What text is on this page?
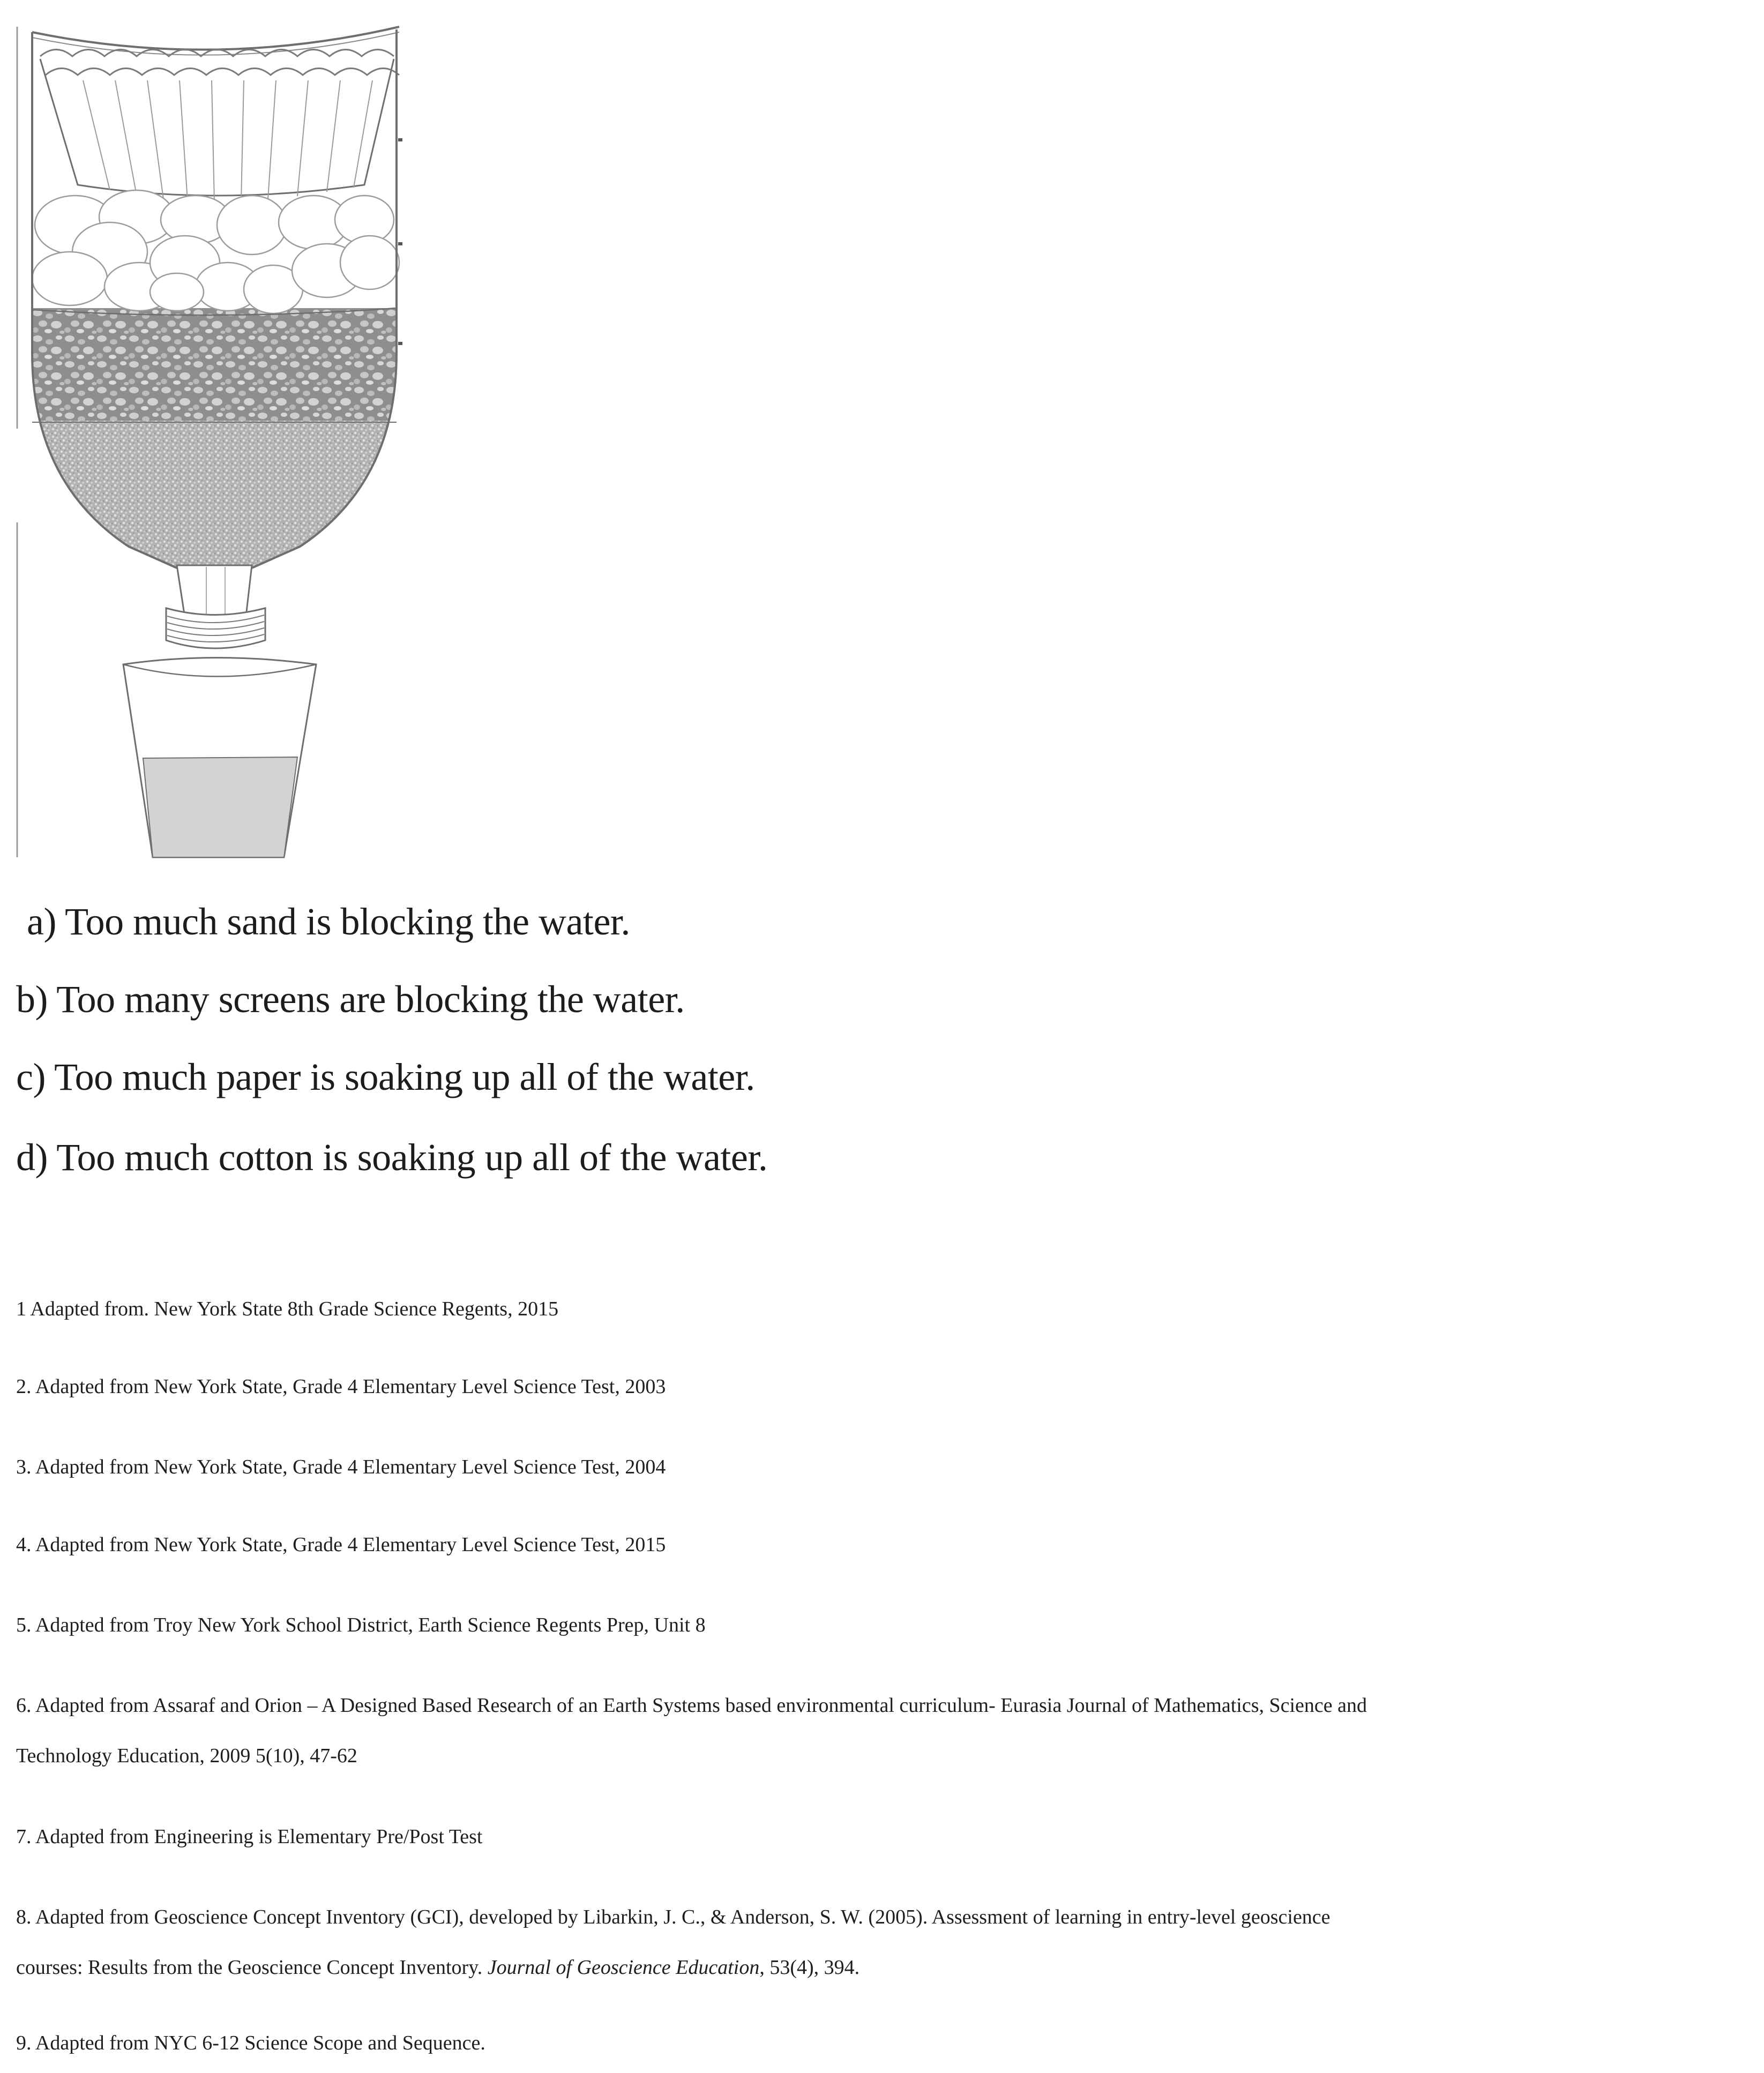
a) Too much sand is blocking the water.
b) Too many screens are blocking the water.
c) Too much paper is soaking up all of the water.
d) Too much cotton is soaking up all of the water.
1 Adapted from. New York State 8th Grade Science Regents, 2015
2. Adapted from New York State, Grade 4 Elementary Level Science Test, 2003
3. Adapted from New York State, Grade 4 Elementary Level Science Test, 2004
4. Adapted from New York State, Grade 4 Elementary Level Science Test, 2015
5. Adapted from Troy New York School District, Earth Science Regents Prep, Unit 8
6. Adapted from Assaraf and Orion – A Designed Based Research of an Earth Systems based environmental curriculum- Eurasia Journal of Mathematics, Science and
Technology Education, 2009 5(10), 47-62
7. Adapted from Engineering is Elementary Pre/Post Test
8. Adapted from Geoscience Concept Inventory (GCI), developed by Libarkin, J. C., & Anderson, S. W. (2005). Assessment of learning in entry-level geoscience
courses: Results from the Geoscience Concept Inventory. Journal of Geoscience Education, 53(4), 394.
9. Adapted from NYC 6-12 Science Scope and Sequence.
